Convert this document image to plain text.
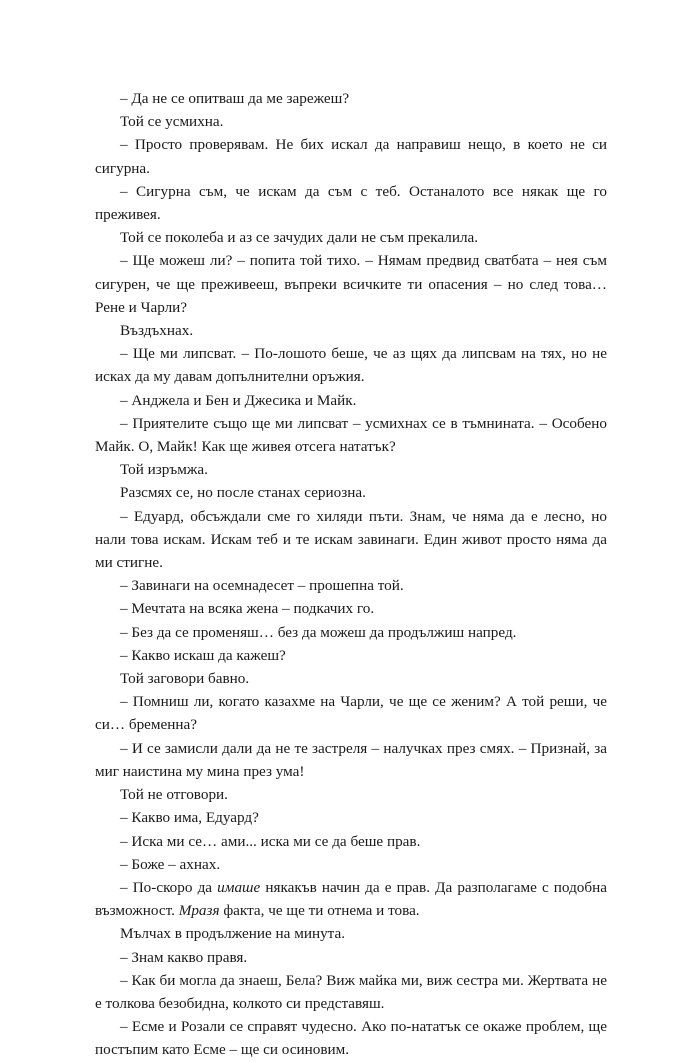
– Да не се опитваш да ме зарежеш?

Той се усмихна.

– Просто проверявам. Не бих искал да направиш нещо, в което не си сигурна.

– Сигурна съм, че искам да съм с теб. Останалото все някак ще го преживея.

Той се поколеба и аз се зачудих дали не съм прекалила.

– Ще можеш ли? – попита той тихо. – Нямам предвид сватбата – нея съм сигурен, че ще преживееш, въпреки всичките ти опасения – но след това… Рене и Чарли?

Въздъхнах.

– Ще ми липсват. – По-лошото беше, че аз щях да липсвам на тях, но не исках да му давам допълнителни оръжия.

– Анджела и Бен и Джесика и Майк.

– Приятелите също ще ми липсват – усмихнах се в тъмнината. – Особено Майк. О, Майк! Как ще живея отсега нататък?

Той изръмжа.

Разсмях се, но после станах сериозна.

– Едуард, обсъждали сме го хиляди пъти. Знам, че няма да е лесно, но нали това искам. Искам теб и те искам завинаги. Един живот просто няма да ми стигне.

– Завинаги на осемнадесет – прошепна той.

– Мечтата на всяка жена – подкачих го.

– Без да се променяш… без да можеш да продължиш напред.

– Какво искаш да кажеш?

Той заговори бавно.

– Помниш ли, когато казахме на Чарли, че ще се женим? А той реши, че си… бременна?

– И се замисли дали да не те застреля – налучках през смях. – Признай, за миг наистина му мина през ума!

Той не отговори.

– Какво има, Едуард?

– Иска ми се… ами... иска ми се да беше прав.

– Боже – ахнах.

– По-скоро да имаше някакъв начин да е прав. Да разполагаме с подобна възможност. Мразя факта, че ще ти отнема и това.

Мълчах в продължение на минута.

– Знам какво правя.

– Как би могла да знаеш, Бела? Виж майка ми, виж сестра ми. Жертвата не е толкова безобидна, колкото си представяш.

– Есме и Розали се справят чудесно. Ако по-нататък се окаже проблем, ще постъпим като Есме – ще си осиновим.
